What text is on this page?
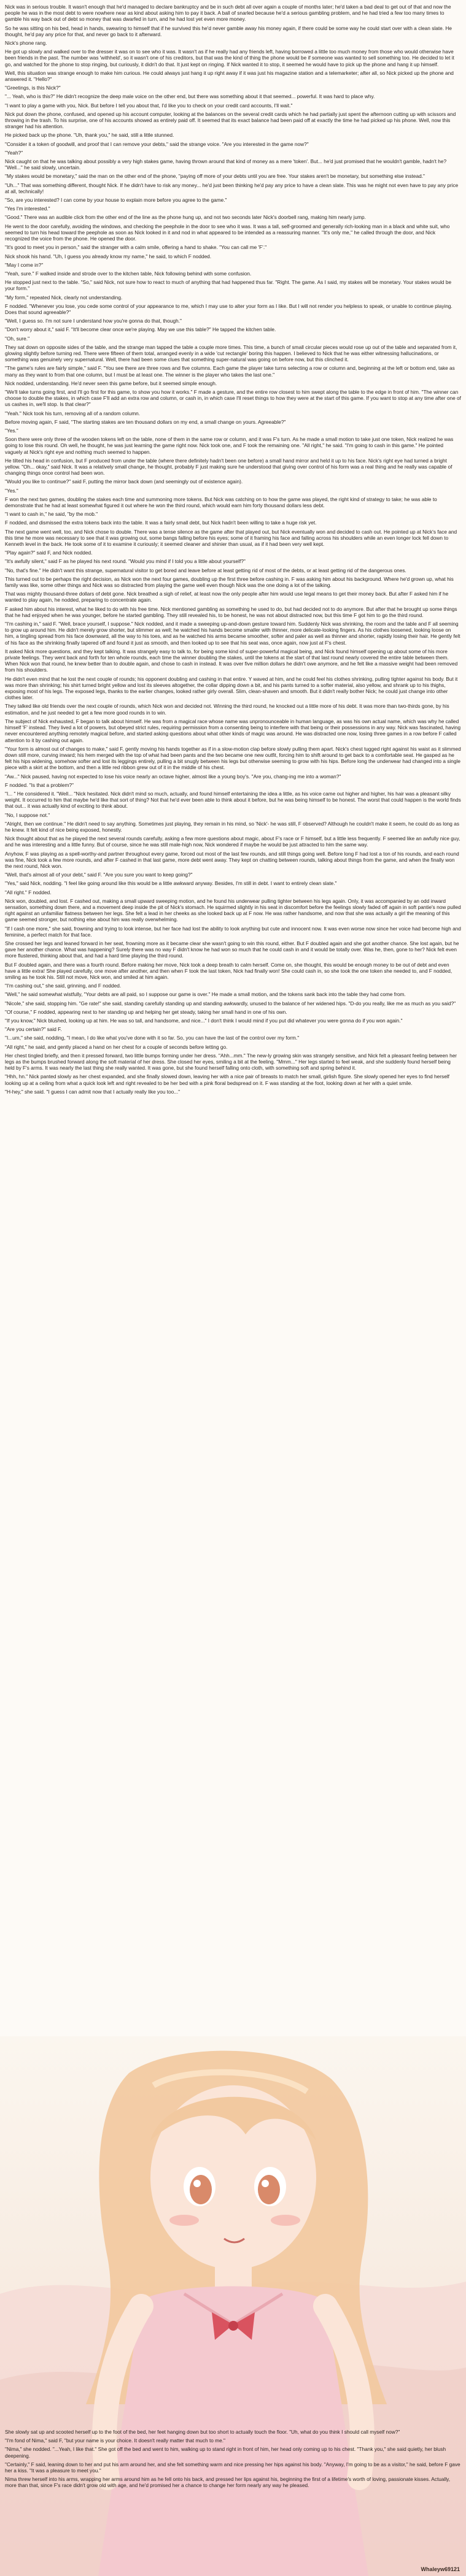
Nick was in serious trouble. It wasn't enough that he'd managed to declare bankruptcy and be in such debt all over again a couple of months later; he'd taken a bad deal to get out of that and now the people he was in the most debt to were nowhere near as kind about asking him to pay it back. A ball of snarled because he'd a serious gambling problem, and he had tried a few too many times to gamble his way back out of debt so money that was dwarfed in turn, and he had lost yet even more money.

So he was sitting on his bed, head in hands, swearing to himself that if he survived this he'd never gamble away his money again, if there could be some way he could start over with a clean slate. He thought, he'd pay any price for that, and never go back to it afterward.

Nick's phone rang.

He got up slowly and walked over to the dresser it was on to see who it was. It wasn't as if he really had any friends left, having borrowed a little too much money from those who would otherwise have been friends in the past. The number was 'withheld', so it wasn't one of his creditors, but that was the kind of thing the phone would be if someone was wanted to sell something too. He decided to let it go, and watched for the phone to stop ringing, but curiously, it didn't do that. It just kept on ringing. If Nick wanted it to stop, it seemed he would have to pick up the phone and hang it up himself.

Well, this situation was strange enough to make him curious. He could always just hang it up right away if it was just his magazine station and a telemarketer; after all, so Nick picked up the phone and answered it. "Hello?"

"Greetings, is this Nick?"

"... Yeah, who is this?" He didn't recognize the deep male voice on the other end, but there was something about it that seemed... powerful. It was hard to place why.

"I want to play a game with you, Nick. But before I tell you about that, I'd like you to check on your credit card accounts, I'll wait."

Nick put down the phone, confused, and opened up his account computer, looking at the balances on the several credit cards which he had partially just spent the afternoon cutting up with scissors and throwing in the trash. To his surprise, one of his accounts showed as entirely paid off. It seemed that its exact balance had been paid off at exactly the time he had picked up his phone. Well, now this stranger had his attention.

He picked back up the phone. "Uh, thank you," he said, still a little stunned.

"Consider it a token of goodwill, and proof that I can remove your debts," said the strange voice. "Are you interested in the game now?"

"Yeah?"

Nick caught on that he was talking about possibly a very high stakes game, having thrown around that kind of money as a mere 'token'. But... he'd just promised that he wouldn't gamble, hadn't he? "Well..." he said slowly, uncertain.

"My stakes would be monetary," said the man on the other end of the phone, "paying off more of your debts until you are free. Your stakes aren't be monetary, but something else instead."

"Uh..." That was something different, thought Nick. If he didn't have to risk any money... he'd just been thinking he'd pay any price to have a clean slate. This was he might not even have to pay any price at all, technically!

"So, are you interested? I can come by your house to explain more before you agree to the game."

"Yes I'm interested."

"Good." There was an audible click from the other end of the line as the phone hung up, and not two seconds later Nick's doorbell rang, making him nearly jump.

He went to the door carefully, avoiding the windows, and checking the peephole in the door to see who it was. It was a tall, self-groomed and generally rich-looking man in a black and white suit, who seemed to turn his head toward the peephole as soon as Nick looked in it and nod in what appeared to be intended as a reassuring manner. "It's only me," he called through the door, and Nick recognized the voice from the phone. He opened the door.

"It's good to meet you in person," said the stranger with a calm smile, offering a hand to shake. "You can call me 'F'."

Nick shook his hand. "Uh, I guess you already know my name," he said, to which F nodded.

"May I come in?"

"Yeah, sure." F walked inside and strode over to the kitchen table, Nick following behind with some confusion.

He stopped just next to the table. "So," said Nick, not sure how to react to much of anything that had happened thus far. "Right. The game. As I said, my stakes will be monetary. Your stakes would be your form."

"My form," repeated Nick, clearly not understanding.

F nodded. "Whenever you lose, you cede some control of your appearance to me, which I may use to alter your form as I like. But I will not render you helpless to speak, or unable to continue playing. Does that sound agreeable?"

"Well, I guess so. I'm not sure I understand how you're gonna do that, though."

"Don't worry about it," said F. "It'll become clear once we're playing. May we use this table?" He tapped the kitchen table.

"Oh, sure."

They sat down on opposite sides of the table, and the strange man tapped the table a couple more times. This time, a bunch of small circular pieces would rose up out of the table and separated from it, glowing slightly before turning red. There were fifteen of them total, arranged evenly in a wide 'cut rectangle' boring this happen. I believed to Nick that he was either witnessing hallucinations, or something was genuinely very supernatural. Well, there had been some clues that something super-natural was going on before now, but this clinched it.

"The game's rules are fairly simple," said F. "You see there are three rows and five columns. Each game the player take turns selecting a row or column and, beginning at the left or bottom end, take as many as they want to from that one column, but I must be at least one. The winner is the player who takes the last one."

Nick nodded, understanding. He'd never seen this game before, but it seemed simple enough.

"We'll take turns going first, and I'll go first for this game, to show you how it works." F made a gesture, and the entire row closest to him swept along the table to the edge in front of him. "The winner can choose to double the stakes, in which case F'll add an extra row and column, or cash in, in which case I'll reset things to how they were at the start of this game. If you want to stop at any time after one of us cashes in, we'll stop. Is that clear?"

"Yeah." Nick took his turn, removing all of a random column.

Before moving again, F said, "The starting stakes are ten thousand dollars on my end, a small change on yours. Agreeable?"

"Yes."

Soon there were only three of the wooden tokens left on the table, none of them in the same row or column, and it was F's turn. As he made a small motion to take just one token, Nick realized he was going to lose this round. Oh well, he thought, he was just learning the game right now. Nick took one, and F took the remaining one. "All right," he said. "I'm going to cash in this game." He pointed vaguely at Nick's right eye and nothing much seemed to happen.

He tilted his head in confusion, but F produced from under the table (where there definitely hadn't been one before) a small hand mirror and held it up to his face. Nick's right eye had turned a bright yellow. "Oh... okay," said Nick. It was a relatively small change, he thought, probably F just making sure he understood that giving over control of his form was a real thing and he really was capable of changing things once control had been won.

"Would you like to continue?" said F, putting the mirror back down (and seemingly out of existence again).

"Yes."

F won the next two games, doubling the stakes each time and summoning more tokens. But Nick was catching on to how the game was played, the right kind of strategy to take; he was able to demonstrate that he had at least somewhat figured it out where he won the third round, which would earn him forty thousand dollars less debt.

"I want to cash in," he said, "by the mob."

F nodded, and dismissed the extra tokens back into the table. It was a fairly small debt, but Nick hadn't been willing to take a huge risk yet.

The next game went well, too, and Nick chose to double. There was a tense silence as the game after that played out, but Nick eventually won and decided to cash out. He pointed up at Nick's face and this time he more was necessary to see that it was growing out, some bangs falling before his eyes; some of it framing his face and falling across his shoulders while an even longer lock fell down to Kenneth level in the back. He took some of it to examine it curiously; it seemed cleaner and shinier than usual, as if it had been very well kept.

"Play again?" said F, and Nick nodded.

"It's awfully silent," said F as he played his next round. "Would you mind if I told you a little about yourself?"

"No, that's fine." He didn't want this strange, supernatural visitor to get bored and leave before at least getting rid of most of the debts, or at least getting rid of the dangerous ones.

This turned out to be perhaps the right decision, as Nick won the next four games, doubling up the first three before cashing in. F was asking him about his background. Where he'd grown up, what his family was like, some other things and Nick was so distracted from playing the game well even though Nick was the one doing a lot of the talking.

That was mighty thousand-three dollars of debt gone. Nick breathed a sigh of relief, at least now the only people after him would use legal means to get their money back. But after F asked him if he wanted to play again, he nodded, preparing to concentrate again.

F asked him about his interest, what he liked to do with his free time. Nick mentioned gambling as something he used to do, but had decided not to do anymore. But after that he brought up some things that he had enjoyed when he was younger, before he started gambling. They still revealed his, to be honest, he was not about distracted now, but this time F got him to go the third round.

"I'm cashing in," said F. "Well, brace yourself, I suppose." Nick nodded, and it made a sweeping up-and-down gesture toward him. Suddenly Nick was shrinking, the room and the table and F all seeming to grow up around him. He didn't merely grow shorter, but slimmer as well; he watched his hands become smaller with thinner, more delicate-looking fingers. As his clothes loosened, looking loose on him, a tingling spread from his face downward, all the way to his toes, and as he watched his arms became smoother, softer and paler as well as thinner and shorter, rapidly losing their hair. He gently felt of his face as the shrinking finally tapered off and found it just as smooth, and then looked up to see that his seat was, once again, now just at F's chest.

It asked Nick more questions, and they kept talking. It was strangely easy to talk to, for being some kind of super-powerful magical being, and Nick found himself opening up about some of his more private feelings. They went back and forth for ten whole rounds, each time the winner doubling the stakes, until the tokens at the start of that last round nearly covered the entire table between them. When Nick won that round, he knew better than to double again, and chose to cash in instead. It was over five million dollars he didn't owe anymore, and he felt like a massive weight had been removed from his shoulders.

He didn't even mind that he lost the next couple of rounds; his opponent doubling and cashing in that entire. Y waved at him, and he could feel his clothes shrinking, pulling tighter against his body. But it was more than shrinking; his shirt turned bright yellow and lost its sleeves altogether, the collar dipping down a bit, and his pants turned to a softer material, also yellow, and shrank up to his thighs, exposing most of his legs. The exposed legs, thanks to the earlier changes, looked rather girly overall. Slim, clean-shaven and smooth. But it didn't really bother Nick; he could just change into other clothes later.

They talked like old friends over the next couple of rounds, which Nick won and decided not. Winning the third round, he knocked out a little more of his debt. It was more than two-thirds gone, by his estimation, and he just needed to get a few more good rounds in to win.

The subject of Nick exhausted, F began to talk about himself. He was from a magical race whose name was unpronounceable in human language, as was his own actual name, which was why he called himself 'F' instead. They lived a lot of powers, but obeyed strict rules, requiring permission from a consenting being to interfere with that being or their possessions in any way. Nick was fascinated, having never encountered anything remotely magical before, and started asking questions about what other kinds of magic was around. He was distracted one now, losing three games in a row before F called attention to it by cashing out again.

"Your form is almost out of changes to make," said F, gently moving his hands together as if in a slow-motion clap before slowly pulling them apart. Nick's chest tugged right against his waist as it slimmed down still more, curving inward; his hem merged with the top of what had been pants and the two became one new outfit, forcing him to shift around to get back to a comfortable seat. He gasped as he felt his hips widening, somehow softer and lost its leggings entirely, pulling a bit snugly between his legs but otherwise seeming to grow with his hips. Before long the underwear had changed into a single piece with a skirt at the bottom, and then a little red ribbon grew out of it in the middle of his chest.

"Aw..." Nick paused, having not expected to lose his voice nearly an octave higher, almost like a young boy's. "Are you, chang-ing me into a woman?"

F nodded. "Is that a problem?"

"I... " He considered it. "Well... "Nick hesitated. Nick didn't mind so much, actually, and found himself entertaining the idea a little, as his voice came out higher and higher, his hair was a pleasant silky weight. It occurred to him that maybe he'd like that sort of thing? Not that he'd ever been able to think about it before, but he was being himself to be honest. The worst that could happen is the world finds that out... it was actually kind of exciting to think about.

"No, I suppose not."

"Alright, then we continue." He didn't need to say anything. Sometimes just playing, they remain in his mind, so 'Nick'- he was still, F observed? Although he couldn't make it seem, he could do as long as he knew. It felt kind of nice being exposed, honestly.

Nick thought about that as he played the next several rounds carefully, asking a few more questions about magic, about F's race or F himself, but a little less frequently. F seemed like an awfully nice guy, and he was interesting and a little funny. But of course, since he was still male-high now, Nick wondered if maybe he would be just attracted to him the same way.

Anyhow, F was playing as a spell-worthy-and partner throughout every game, forced out most of the last few rounds, and still things going well. Before long F had lost a ton of his rounds, and each round was fine, Nick took a few more rounds, and after F cashed in that last game, more debt went away. They kept on chatting between rounds, talking about things from the game, and when the finally won the next round, Nick won.

"Well, that's almost all of your debt," said F. "Are you sure you want to keep going?"

"Yes," said Nick, nodding. "I feel like going around like this would be a little awkward anyway. Besides, I'm still in debt. I want to entirely clean slate."

"All right." F nodded.

Nick won, doubled, and lost. F cashed out, making a small upward sweeping motion, and he found his underwear pulling tighter between his legs again. Only, it was accompanied by an odd inward sensation, something down there, and a movement deep inside the pit of Nick's stomach. He squirmed slightly in his seat in discomfort before the feelings slowly faded off again in soft pantie's now pulled right against an unfamiliar flatness between her legs. She felt a lead in her cheeks as she looked back up at F now. He was rather handsome, and now that she was actually a girl the meaning of this game seemed stronger, but nothing else about him was really overwhelming.

"If I cash one more," she said, frowning and trying to look intense, but her face had lost the ability to look anything but cute and innocent now. It was even worse now since her voice had become high and feminine, a perfect match for that face.

She crossed her legs and leaned forward in her seat, frowning more as it became clear she wasn't going to win this round, either. But F doubled again and she got another chance. She lost again, but he gave her another chance. What was happening? Surely there was no way F didn't know he had won so much that he could cash in and it would be totally over. Was he, then, gone to her? Nick felt even more flustered, thinking about that, and had a hard time playing the third round.

But F doubled again, and there was a fourth round. Before making her move, Nick took a deep breath to calm herself. Come on, she thought, this would be enough money to be out of debt and even have a little extra! She played carefully, one move after another, and then when F took the last token, Nick had finally won! She could cash in, so she took the one token she needed to, and F nodded, smiling as he took his. Still not move, Nick won, and smiled at him again.

"I'm cashing out," she said, grinning, and F nodded.

"Well," he said somewhat wistfully, "Your debts are all paid, so I suppose our game is over." He made a small motion, and the tokens sank back into the table they had come from.

"Nicole," she said, stopping him. "Ge rate!" she said, standing carefully standing up and standing awkwardly, unused to the balance of her widened hips. "D-do you really, like me as much as you said?"

"Of course," F nodded, appearing next to her standing up and helping her get steady, taking her small hand in one of his own.

"If you know," Nick blushed, looking up at him. He was so tall, and handsome, and nice..." I don't think I would mind if you put did whatever you were gonna do if you won again."

"Are you certain?" said F.

"I...um," she said, nodding, "I mean, I do like what you've done with it so far. So, you can have the last of the control over my form."

"All right," he said, and gently placed a hand on her chest for a couple of seconds before letting go.

Her chest tingled briefly, and then it pressed forward, two little bumps forming under her dress. "Ahh...mm." The new-ly growing skin was strangely sensitive, and Nick felt a pleasant feeling between her legs as the bumps brushed forward along the soft material of her dress. She closed her eyes, smiling a bit at the feeling. "Mmm..." Her legs started to feel weak, and she suddenly found herself being held by F's arms. It was nearly the last thing she really wanted. It was gone, but she found herself falling onto cloth, with something soft and spring behind it.

"Hhh, hn." Nick panted slowly as her chest expanded, and she finally slowed down, leaving her with a nice pair of breasts to match her small, girlish figure. She slowly opened her eyes to find herself looking up at a ceiling from what a quick look left and right revealed to be her bed with a pink floral bedspread on it. F was standing at the foot, looking down at her with a quiet smile.

"H-hey," she said. "I guess I can admit now that I actually really like you too..."

She slowly sat up and scooted herself up to the foot of the bed, her feet hanging down but too short to actually touch the floor. "Uh, what do you think I should call myself now?"

"I'm fond of Nima," said F, "but your name is your choice. It doesn't really matter that much to me."

"Nima," she nodded. "...Yeah, I like that." She got off the bed and went to him, walking up to stand right in front of him, her head only coming up to his chest. "Thank you," she said quietly, her blush deepening.

"Certainly," F said, leaning down to her and put his arm around her, and she felt something warm and nice pressing her hips against his body. "Anyway, I'm going to be as a visitor," he said, before F gave her a kiss. "It was a pleasure to meet you."

Nima threw herself into his arms, wrapping her arms around him as he fell onto his back, and pressed her lips against his, beginning the first of a lifetime's worth of loving, passionate kisses. Actually, more than that, since F's race didn't grow old with age, and he'd promised her a chance to change her form nearly any way he pleased.

Whaleyw69121
